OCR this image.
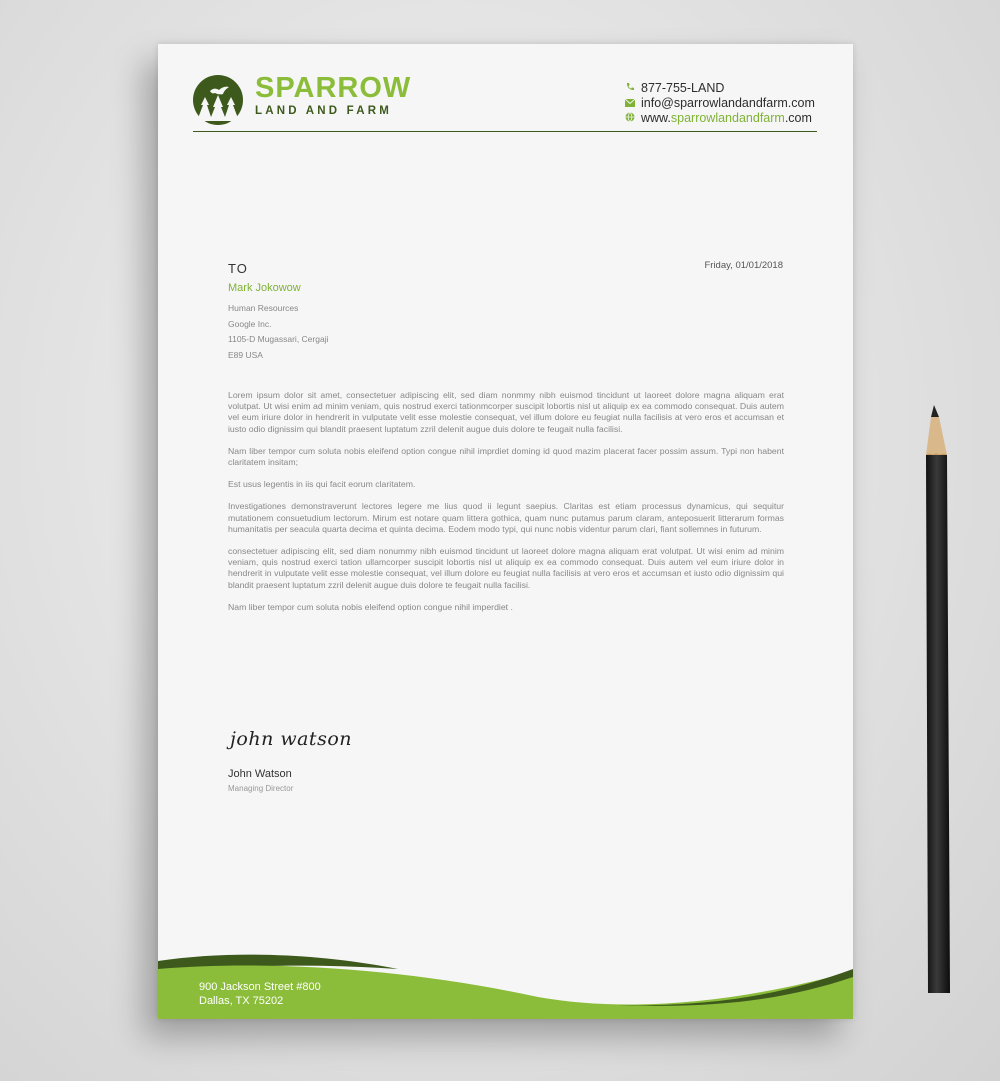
SPARROW
LAND AND FARM
877-755-LAND
info@sparrowlandandfarm.com
www.sparrowlandandfarm.com
TO	Friday, 01/01/2018
Mark Jokowow
Human Resources
Google Inc.
1105-D Mugassari, Cergaji
E89 USA

Lorem ipsum dolor sit amet, consectetuer adipiscing elit, sed diam nonmmy nibh euismod tincidunt ut laoreet dolore magna aliquam erat volutpat. Ut wisi enim ad minim veniam, quis nostrud exerci tationmcorper suscipit lobortis nisl ut aliquip ex ea commodo consequat. Duis autem vel eum iriure dolor in hendrerit in vulputate velit esse molestie consequat, vel illum dolore eu feugiat nulla facilisis at vero eros et accumsan et iusto odio dignissim qui blandit praesent luptatum zzril delenit augue duis dolore te feugait nulla facilisi.

Nam liber tempor cum soluta nobis eleifend option congue nihil imprdiet doming id quod mazim placerat facer possim assum. Typi non habent claritatem insitam;

Est usus legentis in iis qui facit eorum claritatem.

Investigationes demonstraverunt lectores legere me lius quod ii legunt saepius. Claritas est etiam processus dynamicus, qui sequitur mutationem consuetudium lectorum. Mirum est notare quam littera gothica, quam nunc putamus parum claram, anteposuerit litterarum formas humanitatis per seacula quarta decima et quinta decima. Eodem modo typi, qui nunc nobis videntur parum clari, fiant sollemnes in futurum.

consectetuer adipiscing elit, sed diam nonummy nibh euismod tincidunt ut laoreet dolore magna aliquam erat volutpat. Ut wisi enim ad minim veniam, quis nostrud exerci tation ullamcorper suscipit lobortis nisl ut aliquip ex ea commodo consequat. Duis autem vel eum iriure dolor in hendrerit in vulputate velit esse molestie consequat, vel illum dolore eu feugiat nulla facilisis at vero eros et accumsan et iusto odio dignissim qui blandit praesent luptatum zzril delenit augue duis dolore te feugait nulla facilisi.

Nam liber tempor cum soluta nobis eleifend option congue nihil imperdiet .

john watson
John Watson
Managing Director
900 Jackson Street #800
Dallas, TX 75202
